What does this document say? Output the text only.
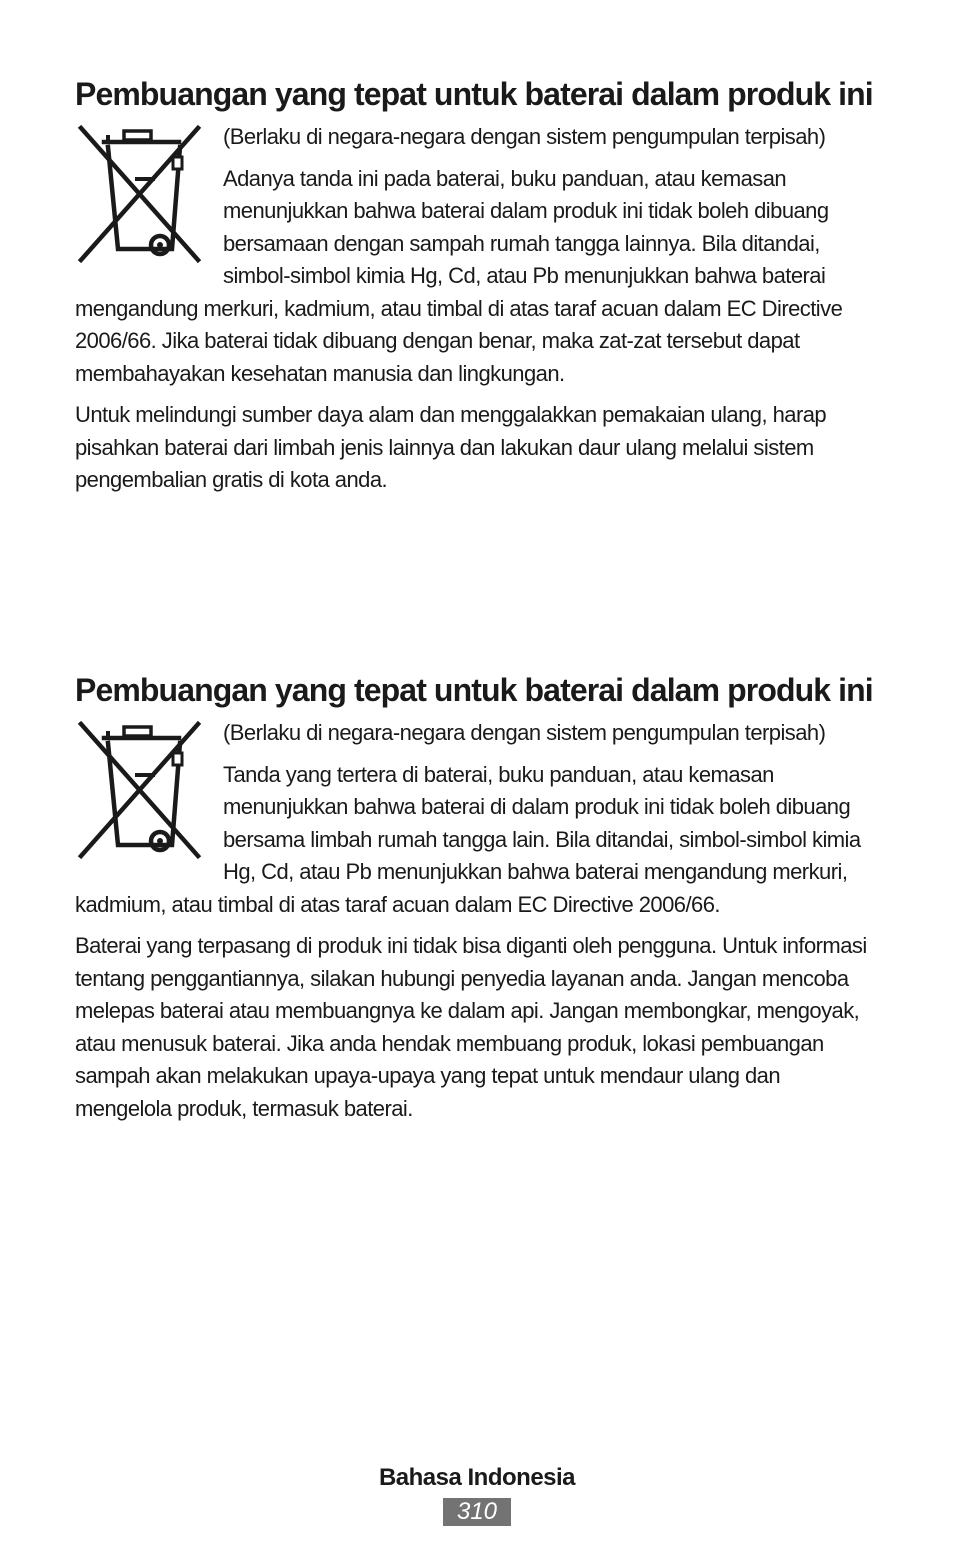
Pembuangan yang tepat untuk baterai dalam produk ini

(Berlaku di negara-negara dengan sistem pengumpulan terpisah)

Adanya tanda ini pada baterai, buku panduan, atau kemasan menunjukkan bahwa baterai dalam produk ini tidak boleh dibuang bersamaan dengan sampah rumah tangga lainnya. Bila ditandai, simbol-simbol kimia Hg, Cd, atau Pb menunjukkan bahwa baterai mengandung merkuri, kadmium, atau timbal di atas taraf acuan dalam EC Directive 2006/66. Jika baterai tidak dibuang dengan benar, maka zat-zat tersebut dapat membahayakan kesehatan manusia dan lingkungan.

Untuk melindungi sumber daya alam dan menggalakkan pemakaian ulang, harap pisahkan baterai dari limbah jenis lainnya dan lakukan daur ulang melalui sistem pengembalian gratis di kota anda.

Pembuangan yang tepat untuk baterai dalam produk ini

(Berlaku di negara-negara dengan sistem pengumpulan terpisah)

Tanda yang tertera di baterai, buku panduan, atau kemasan menunjukkan bahwa baterai di dalam produk ini tidak boleh dibuang bersama limbah rumah tangga lain. Bila ditandai, simbol-simbol kimia Hg, Cd, atau Pb menunjukkan bahwa baterai mengandung merkuri, kadmium, atau timbal di atas taraf acuan dalam EC Directive 2006/66.

Baterai yang terpasang di produk ini tidak bisa diganti oleh pengguna. Untuk informasi tentang penggantiannya, silakan hubungi penyedia layanan anda. Jangan mencoba melepas baterai atau membuangnya ke dalam api. Jangan membongkar, mengoyak, atau menusuk baterai. Jika anda hendak membuang produk, lokasi pembuangan sampah akan melakukan upaya-upaya yang tepat untuk mendaur ulang dan mengelola produk, termasuk baterai.

Bahasa Indonesia
310
